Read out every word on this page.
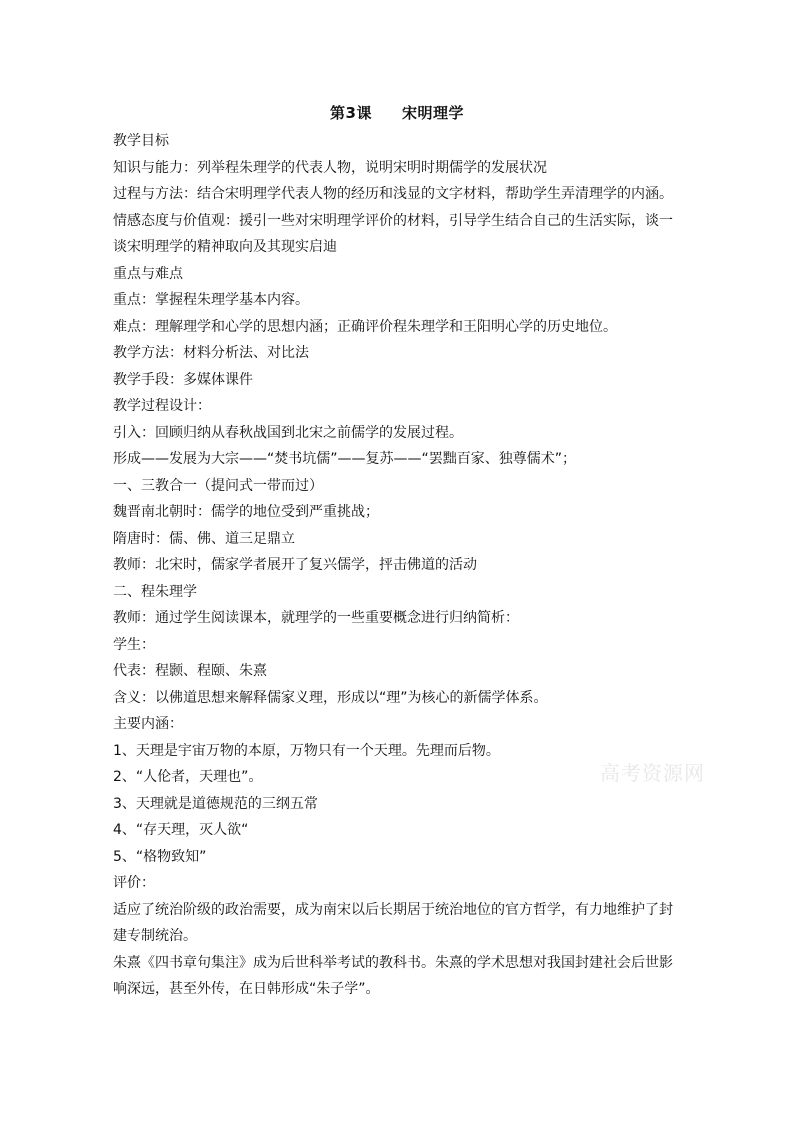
第3课 宋明理学

教学目标

知识与能力：列举程朱理学的代表人物，说明宋明时期儒学的发展状况

过程与方法：结合宋明理学代表人物的经历和浅显的文字材料，帮助学生弄清理学的内涵。

情感态度与价值观：援引一些对宋明理学评价的材料，引导学生结合自己的生活实际，谈一

谈宋明理学的精神取向及其现实启迪

重点与难点

重点：掌握程朱理学基本内容。

难点：理解理学和心学的思想内涵；正确评价程朱理学和王阳明心学的历史地位。

教学方法：材料分析法、对比法

教学手段：多媒体课件

教学过程设计：

引入：回顾归纳从春秋战国到北宋之前儒学的发展过程。

形成——发展为大宗——“焚书坑儒”——复苏——“罢黜百家、独尊儒术”；

一、三教合一（提问式一带而过）

魏晋南北朝时：儒学的地位受到严重挑战；

隋唐时：儒、佛、道三足鼎立

教师：北宋时，儒家学者展开了复兴儒学，抨击佛道的活动

二、程朱理学

教师：通过学生阅读课本，就理学的一些重要概念进行归纳简析：

学生：

代表：程颢、程颐、朱熹

含义：以佛道思想来解释儒家义理，形成以“理”为核心的新儒学体系。

主要内涵：

1、天理是宇宙万物的本原，万物只有一个天理。先理而后物。

2、“人伦者，天理也”。

3、天理就是道德规范的三纲五常

4、“存天理，灭人欲“

5、“格物致知”

评价：

适应了统治阶级的政治需要，成为南宋以后长期居于统治地位的官方哲学，有力地维护了封

建专制统治。

朱熹《四书章句集注》成为后世科举考试的教科书。朱熹的学术思想对我国封建社会后世影

响深远，甚至外传，在日韩形成“朱子学”。

高考资源网
